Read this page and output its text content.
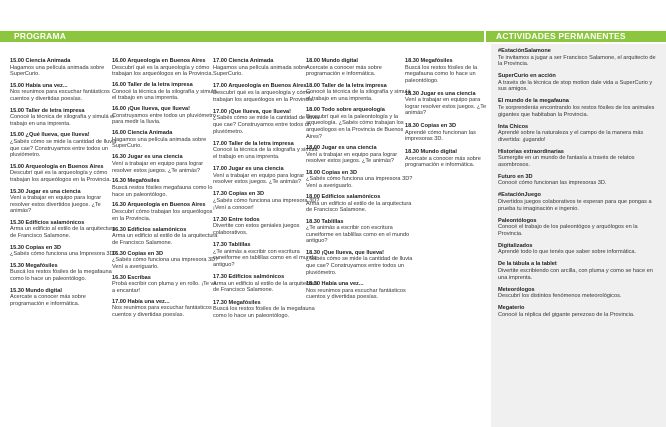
PROGRAMA	ACTIVIDADES PERMANENTES
15.00 Ciencia Animada
Hagamos una película animada sobre SuperCurio.
15.00 Había una vez...
Nos reunimos para escuchar fantásticos cuentos y divertidas poesías.
15.00 Taller de letra impresa
Conocé la técnica de xilografía y simulá el trabajo en una imprenta.
15.00 ¿Qué llueva, que llueva!
¿Sabés cómo se mide la cantidad de lluvia que cae? Construyamos entre todos un pluviómetro.
15.00 Arqueología en Buenos Aires
Descubrí qué es la arqueología y cómo trabajan los arqueólogos en la Provincia.
15.30 Jugar es una ciencia
Vení a trabajar en equipo para lograr resolver estos divertidos juegos. ¿Te animás?
15.30 Edificios salamónicos
Arma un edificio al estilo de la arquitectura de Francisco Salamone.
15.30 Copias en 3D
¿Sabés cómo funciona una Impresora 3D?
15.30 Megafósiles
Buscá los restos fósiles de la megafauna como lo hace un paleontólogo.
15.30 Mundo digital
Acercate a conocer más sobre programación e informática.
16.00 Arqueología en Buenos Aires
Descubrí qué es la arqueología y cómo trabajan los arqueólogos en la Provincia.
16.00 Taller de la letra impresa
Conocé la técnica de la xilografía y simulá el trabajo en una imprenta.
16.00 ¡Que llueva, que llueva!
Construyamos entre todos un pluviómetro para medir la lluvia.
16.00 Ciencia Animada
Hagamos una película animada sobre SuperCurio.
16.30 Jugar es una ciencia
Vení a trabajar en equipo para lograr resolver estos juegos. ¿Te animás?
16.30 Megafósiles
Buscá restos fósiles megafauna como lo hace un paleontólogo.
16.30 Arqueología en Buenos Aires
Descubrí cómo trabajan los arqueólogos en la Provincia.
16.30 Edificios salamónicos
Arma un edificio al estilo de la arquitectura de Francisco Salamone.
16.30 Copias en 3D
¿Sabés cómo funciona una impresora 3D? Vení a averiguarlo.
16.30 Escribas
Probá escribir con pluma y en rollo. ¡Te va a encantar!
17.00 Había una vez...
Nos reunimos para escuchar fantásticos cuentos y divertidas poesías.
17.00 Ciencia Animada
Hagamos una película animada sobre SuperCurio.
17.00 Arqueología en Buenos Aires
Descubrí qué es la arqueología y cómo trabajan los arqueólogos en la Provincia.
17.00 ¡Que llueva, que llueva!
¿Sabés cómo se mide la cantidad de lluvia que cae? Construyamos entre todos un pluviómetro.
17.00 Taller de la letra impresa
Conocé la técnica de la xilografía y simulá el trabajo en una imprenta.
17.00 Jugar es una ciencia
Vení a trabajar en equipo para lograr resolver estos juegos. ¿Te animás?
17.30 Copias en 3D
¿Sabés cómo funciona una impresora 3D? ¡Vení a conocer!
17.30 Entre todos
Divertite con estos geniales juegos colaborativos.
17.30 Tablillas
¿Te animás a escribir con escritura cuneiforme en tablillas como en el mundo antiguo?
17.30 Edificios salmónicos
Arma un edificio al estilo de la arquitectura de Francisco Salamone.
17.30 Megafósiles
Buscá los restos fósiles de la megafauna como lo hace un paleontólogo.
18.00 Mundo digital
Acercate a conocer más sobre programación e informática.
18.00 Taller de la letra impresa
Conocé la técnica de la xilografía y simulá el trabajo en una imprenta.
18.00 Todo sobre arqueología
Descubrí qué es la paleontología y la arqueología. ¿Sabés cómo trabajan los arqueólogos en la Provincia de Buenos Aires?
18.00 Jugar es una ciencia
Vení a trabajar en equipo para lograr resolver estos juegos. ¿Te animás?
18.00 Copias en 3D
¿Sabés cómo funciona una impresora 3D? Vení a averiguarlo.
18.00 Edificios salamónicos
Arma un edificio al estilo de la arquitectura de Francisco Salamone.
18.30 Tablillas
¿Te animás a escribir con escritura cuneiforme en tablillas como en el mundo antiguo?
18.30 ¡Que llueva, que llueva!
¿Sabés cómo se mide la cantidad de lluvia que cae? Construyamos entre todos un pluviómetro.
18.30 Había una vez...
Nos reunimos para escuchar fantásticos cuentos y divertidas poesías.
18.30 Megafósiles
Buscá los restos fósiles de la megafauna como lo hace un paleontólogo.
18.30 Jugar es una ciencia
Vení a trabajar en equipo para lograr resolver estos juegos. ¿Te animás?
18.30 Copias en 3D
Aprendé cómo funcionan las impresoras 3D.
18.30 Mundo digital
Acercate a conocer más sobre programación e informática.
#EstaciónSalamone
Te invitamos a jugar a ser Francisco Salamone, el arquitecto de la Provincia.
SuperCurio en acción
A través de la técnica de stop motion dale vida a SuperCurio y sus amigos.
El mundo de la megafauna
Te sorprenderás encontrando los restos fósiles de los animales gigantes que habitaban la Provincia.
Inta Chicos
Aprendé sobre la naturaleza y el campo de la manera más divertida: ¡jugando!
Historias extraordinarias
Sumergite en un mundo de fantasía a través de relatos asombrosos.
Futuro en 3D
Conocé cómo funcionan las impresoras 3D.
#EstaciónJuego
Divertidos juegos colaborativos te esperan para que pongas a prueba tu imaginación e ingenio.
Paleontólogos
Conocé el trabajo de los paleontógos y arquólogos en la Provincia.
Digitalizados
Aprendé todo lo que tenés que saber sobre informática.
De la tábula a la tablet
Divertite escribiendo con arcilla, con pluma y como se hace en una imprenta.
Meteorólogos
Descubrí los distintos fenómenos meteorológicos.
Megaterio
Conocé la réplica del gigante perezoso de la Provincia.
